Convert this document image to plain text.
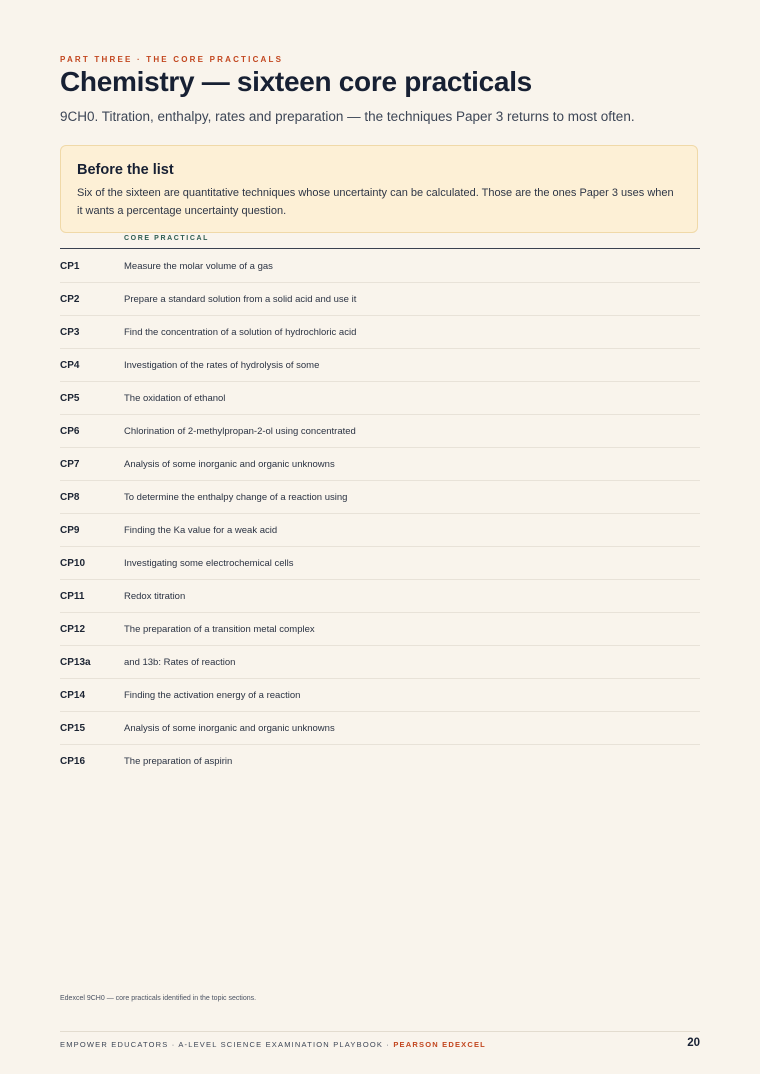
PART THREE · THE CORE PRACTICALS
Chemistry — sixteen core practicals
9CH0. Titration, enthalpy, rates and preparation — the techniques Paper 3 returns to most often.
Before the list
Six of the sixteen are quantitative techniques whose uncertainty can be calculated. Those are the ones Paper 3 uses when it wants a percentage uncertainty question.
CORE PRACTICAL
CP1	Measure the molar volume of a gas
CP2	Prepare a standard solution from a solid acid and use it
CP3	Find the concentration of a solution of hydrochloric acid
CP4	Investigation of the rates of hydrolysis of some
CP5	The oxidation of ethanol
CP6	Chlorination of 2-methylpropan-2-ol using concentrated
CP7	Analysis of some inorganic and organic unknowns
CP8	To determine the enthalpy change of a reaction using
CP9	Finding the Ka value for a weak acid
CP10	Investigating some electrochemical cells
CP11	Redox titration
CP12	The preparation of a transition metal complex
CP13a	and 13b: Rates of reaction
CP14	Finding the activation energy of a reaction
CP15	Analysis of some inorganic and organic unknowns
CP16	The preparation of aspirin
Edexcel 9CH0 — core practicals identified in the topic sections.
EMPOWER EDUCATORS · A-LEVEL SCIENCE EXAMINATION PLAYBOOK · PEARSON EDEXCEL	20
